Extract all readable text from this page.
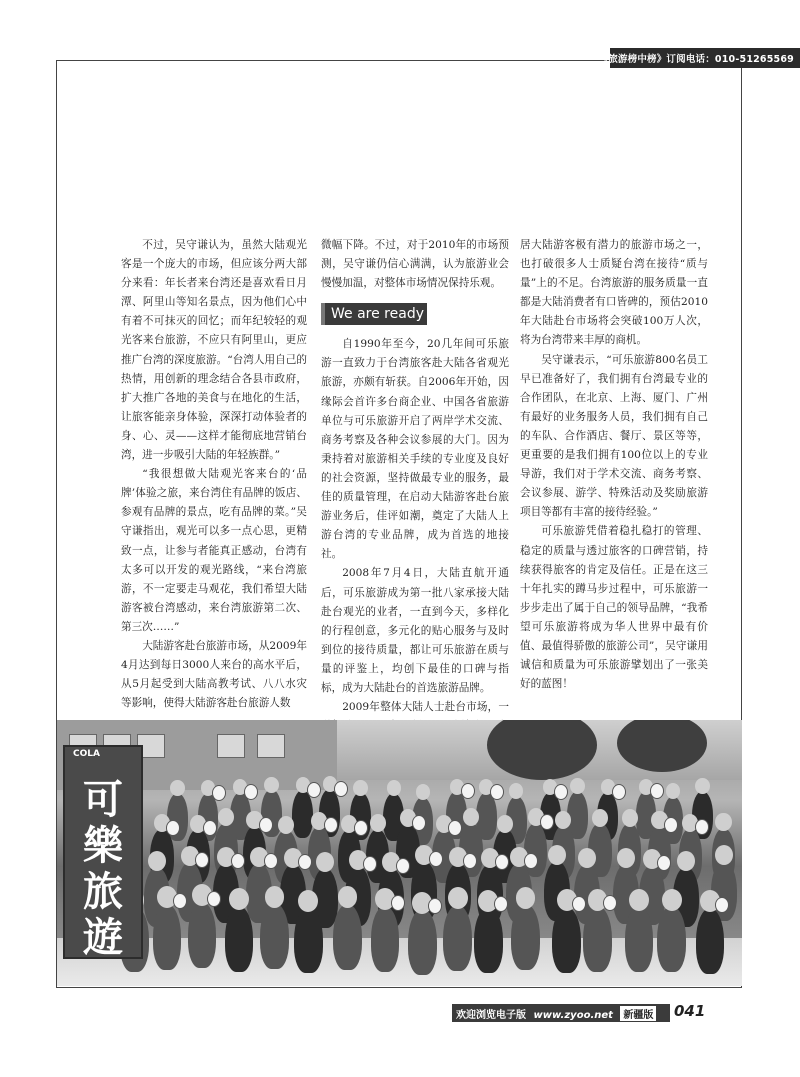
《旅游榜中榜》订阅电话：010-51265569

不过，吴守谦认为，虽然大陆观光客是一个庞大的市场，但应该分两大部分来看：年长者来台湾还是喜欢看日月潭、阿里山等知名景点，因为他们心中有着不可抹灭的回忆；而年纪较轻的观光客来台旅游，不应只有阿里山，更应推广台湾的深度旅游。“台湾人用自己的热情，用创新的理念结合各县市政府，扩大推广各地的美食与在地化的生活，让旅客能亲身体验，深深打动体验者的身、心、灵——这样才能彻底地营销台湾，进一步吸引大陆的年轻族群。”

“我很想做大陆观光客来台的‘品牌’体验之旅，来台湾住有品牌的饭店、参观有品牌的景点，吃有品牌的菜。”吴守谦指出，观光可以多一点心思，更精致一点，让参与者能真正感动，台湾有太多可以开发的观光路线，“来台湾旅游，不一定要走马观花，我们希望大陆游客被台湾感动，来台湾旅游第二次、第三次……”

大陆游客赴台旅游市场，从2009年4月达到每日3000人来台的高水平后，从5月起受到大陆高教考试、八八水灾等影响，使得大陆游客赴台旅游人数

微幅下降。不过，对于2010年的市场预测，吴守谦仍信心满满，认为旅游业会慢慢加温，对整体市场情况保持乐观。

We are ready

自1990年至今，20几年间可乐旅游一直致力于台湾旅客赴大陆各省观光旅游，亦颇有斩获。自2006年开始，因缘际会首许多台商企业、中国各省旅游单位与可乐旅游开启了两岸学术交流、商务考察及各种会议参展的大门。因为秉持着对旅游相关手续的专业度及良好的社会资源，坚持做最专业的服务，最佳的质量管理，在启动大陆游客赴台旅游业务后，佳评如潮，奠定了大陆人上游台湾的专业品牌，成为首选的地接社。

2008年7月4日，大陆直航开通后，可乐旅游成为第一批八家承接大陆赴台观光的业者，一直到今天，多样化的行程创意，多元化的贴心服务与及时到位的接待质量，都让可乐旅游在质与量的评鉴上，均创下最佳的口碑与指标，成为大陆赴台的首选旅游品牌。

2009年整体大陆人士赴台市场，一

居大陆游客极有潜力的旅游市场之一，也打破很多人士质疑台湾在接待“质与量”上的不足。台湾旅游的服务质量一直都是大陆消费者有口皆碑的，预估2010年大陆赴台市场将会突破100万人次，将为台湾带来丰厚的商机。

吴守谦表示，“可乐旅游800名员工早已准备好了，我们拥有台湾最专业的合作团队，在北京、上海、厦门、广州有最好的业务服务人员，我们拥有自己的车队、合作酒店、餐厅、景区等等，更重要的是我们拥有100位以上的专业导游，我们对于学术交流、商务考察、会议参展、游学、特殊活动及奖励旅游项目等都有丰富的接待经验。”

可乐旅游凭借着稳扎稳打的管理、稳定的质量与透过旅客的口碑营销，持续获得旅客的肯定及信任。正是在这三十年扎实的蹲马步过程中，可乐旅游一步步走出了属于自己的领导品牌，“我希望可乐旅游将成为华人世界中最有价值、最值得骄傲的旅游公司”，吴守谦用诚信和质量为可乐旅游擘划出了一张美好的蓝图！

COLA
可
樂
旅
遊
欢迎浏览电子版 www.zyoo.net 新疆版 041
